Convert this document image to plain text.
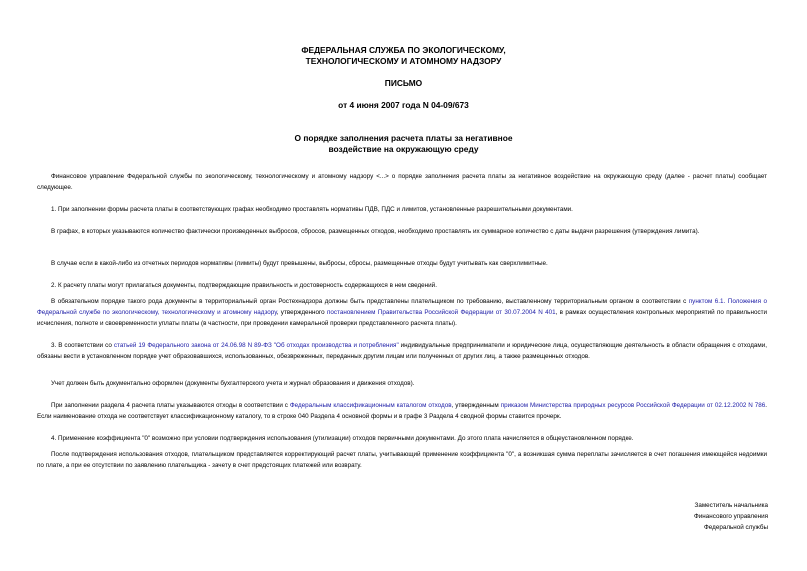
ФЕДЕРАЛЬНАЯ СЛУЖБА ПО ЭКОЛОГИЧЕСКОМУ,
ТЕХНОЛОГИЧЕСКОМУ И АТОМНОМУ НАДЗОРУ
ПИСЬМО
от 4 июня 2007 года N 04-09/673
О порядке заполнения расчета платы за негативное
воздействие на окружающую среду

Финансовое управление Федеральной службы по экологическому, технологическому и атомному надзору <...> о порядке заполнения расчета платы за негативное воздействие на окружающую среду (далее - расчет платы) сообщает следующее.

1. При заполнении формы расчета платы в соответствующих графах необходимо проставлять нормативы ПДВ, ПДС и лимитов, установленные разрешительными документами.

В графах, в которых указываются количество фактически произведенных выбросов, сбросов, размещенных отходов, необходимо проставлять их суммарное количество с даты выдачи разрешения (утверждения лимита).

В случае если в какой-либо из отчетных периодов нормативы (лимиты) будут превышены, выбросы, сбросы, размещенные отходы будут учитывать как сверхлимитные.

2. К расчету платы могут прилагаться документы, подтверждающие правильность и достоверность содержащихся в нем сведений.

В обязательном порядке такого рода документы в территориальный орган Ростехнадзора должны быть представлены плательщиком по требованию, выставленному территориальным органом в соответствии с пунктом 6.1. Положения о Федеральной службе по экологическому, технологическому и атомному надзору, утвержденного постановлением Правительства Российской Федерации от 30.07.2004 N 401, в рамках осуществления контрольных мероприятий по правильности исчисления, полноте и своевременности уплаты платы (в частности, при проведении камеральной проверки представленного расчета платы).

3. В соответствии со статьей 19 Федерального закона от 24.06.98 N 89-ФЗ "Об отходах производства и потребления" индивидуальные предприниматели и юридические лица, осуществляющие деятельность в области обращения с отходами, обязаны вести в установленном порядке учет образовавшихся, использованных, обезвреженных, переданных другим лицам или полученных от других лиц, а также размещенных отходов.

Учет должен быть документально оформлен (документы бухгалтерского учета и журнал образования и движения отходов).

При заполнении раздела 4 расчета платы указываются отходы в соответствии с Федеральным классификационным каталогом отходов, утвержденным приказом Министерства природных ресурсов Российской Федерации от 02.12.2002 N 786. Если наименование отхода не соответствует классификационному каталогу, то в строке 040 Раздела 4 основной формы и в графе 3 Раздела 4 сводной формы ставится прочерк.

4. Применение коэффициента "0" возможно при условии подтверждения использования (утилизации) отходов первичными документами. До этого плата начисляется в общеустановленном порядке.

После подтверждения использования отходов, плательщиком представляется корректирующий расчет платы, учитывающий применение коэффициента "0", а возникшая сумма переплаты зачисляется в счет погашения имеющейся недоимки по плате, а при ее отсутствии по заявлению плательщика - зачету в счет предстоящих платежей или возврату.

Заместитель начальника
Финансового управления
Федеральной службы
